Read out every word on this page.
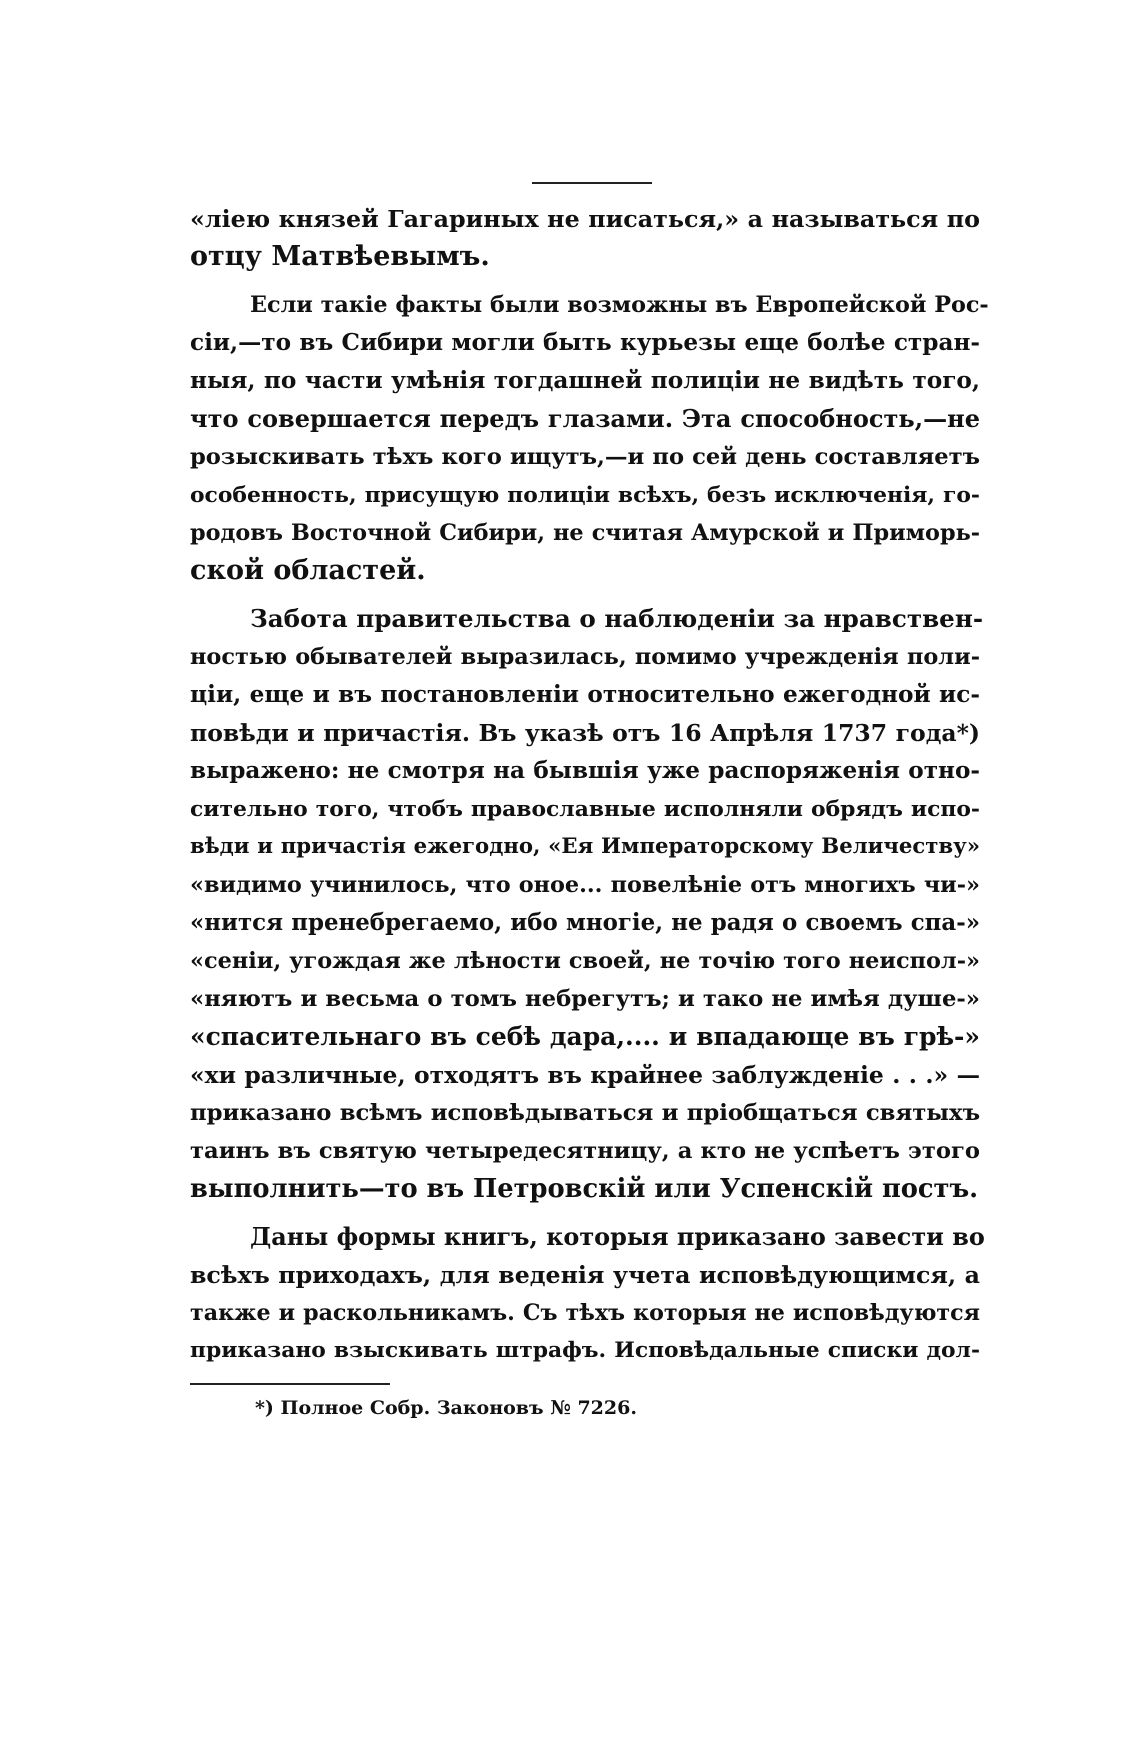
«лiею князей Гагариных не писаться,» а называться по
отцу Матвѣевымъ.
Если такiе факты были возможны въ Европейской Рос-
сiи,—то въ Сибири могли быть курьезы еще болѣе стран-
ныя, по части умѣнiя тогдашней полицiи не видѣть того,
что совершается передъ глазами. Эта способность,—не
розыскивать тѣхъ кого ищутъ,—и по сей день составляетъ
особенность, присущую полицiи всѣхъ, безъ исключенiя, го-
родовъ Восточной Сибири, не считая Амурской и Приморь-
ской областей.
Забота правительства о наблюденiи за нравствен-
ностью обывателей выразилась, помимо учрежденiя поли-
цiи, еще и въ постановленiи относительно ежегодной ис-
повѣди и причастiя. Въ указѣ отъ 16 Апрѣля 1737 года*)
выражено: не смотря на бывшiя уже распоряженiя отно-
сительно того, чтобъ православные исполняли обрядъ испо-
вѣди и причастiя ежегодно, «Ея Императорскому Величеству»
«видимо учинилось, что оное... повелѣнiе отъ многихъ чи-»
«нится пренебрегаемо, ибо многiе, не радя о своемъ спа-»
«сенiи, угождая же лѣности своей, не точiю того неиспол-»
«няютъ и весьма о томъ небрегутъ; и тако не имѣя душе-»
«спасительнаго въ себѣ дара,.... и впадающе въ грѣ-»
«хи различные, отходятъ въ крайнее заблужденiе . . .» —
приказано всѣмъ исповѣдываться и прiобщаться святыхъ
таинъ въ святую четыредесятницу, а кто не успѣетъ этого
выполнить—то въ Петровскiй или Успенскiй постъ.
Даны формы книгъ, которыя приказано завести во
всѣхъ приходахъ, для веденiя учета исповѣдующимся, а
также и раскольникамъ. Съ тѣхъ которыя не исповѣдуются
приказано взыскивать штрафъ. Исповѣдальные списки дол-
*) Полное Собр. Законовъ № 7226.
